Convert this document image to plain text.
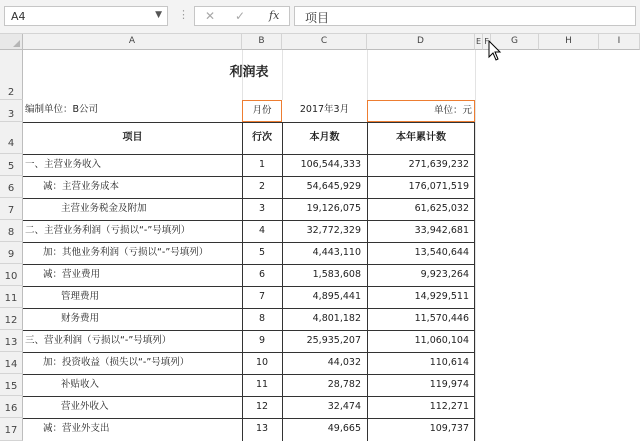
A4	▼ ⋮ ✕ ✓ fx 项目
A	B	C	D	E F	G	H	I
2
3
4
5
6
7
8
9
10
11
12
13
14
15
16
17
利润表
编制单位：B公司	月份	2017年3月	单位：元
项目	行次	本月数	本年累计数
一、主营业务收入	1	106,544,333	271,639,232
减：主营业务成本	2	54,645,929	176,071,519
主营业务税金及附加	3	19,126,075	61,625,032
二、主营业务利润（亏损以“-”号填列）	4	32,772,329	33,942,681
加：其他业务利润（亏损以“-”号填列）	5	4,443,110	13,540,644
减：营业费用	6	1,583,608	9,923,264
管理费用	7	4,895,441	14,929,511
财务费用	8	4,801,182	11,570,446
三、营业利润（亏损以“-”号填列）	9	25,935,207	11,060,104
加：投资收益（损失以“-”号填列）	10	44,032	110,614
补贴收入	11	28,782	119,974
营业外收入	12	32,474	112,271
减：营业外支出	13	49,665	109,737
